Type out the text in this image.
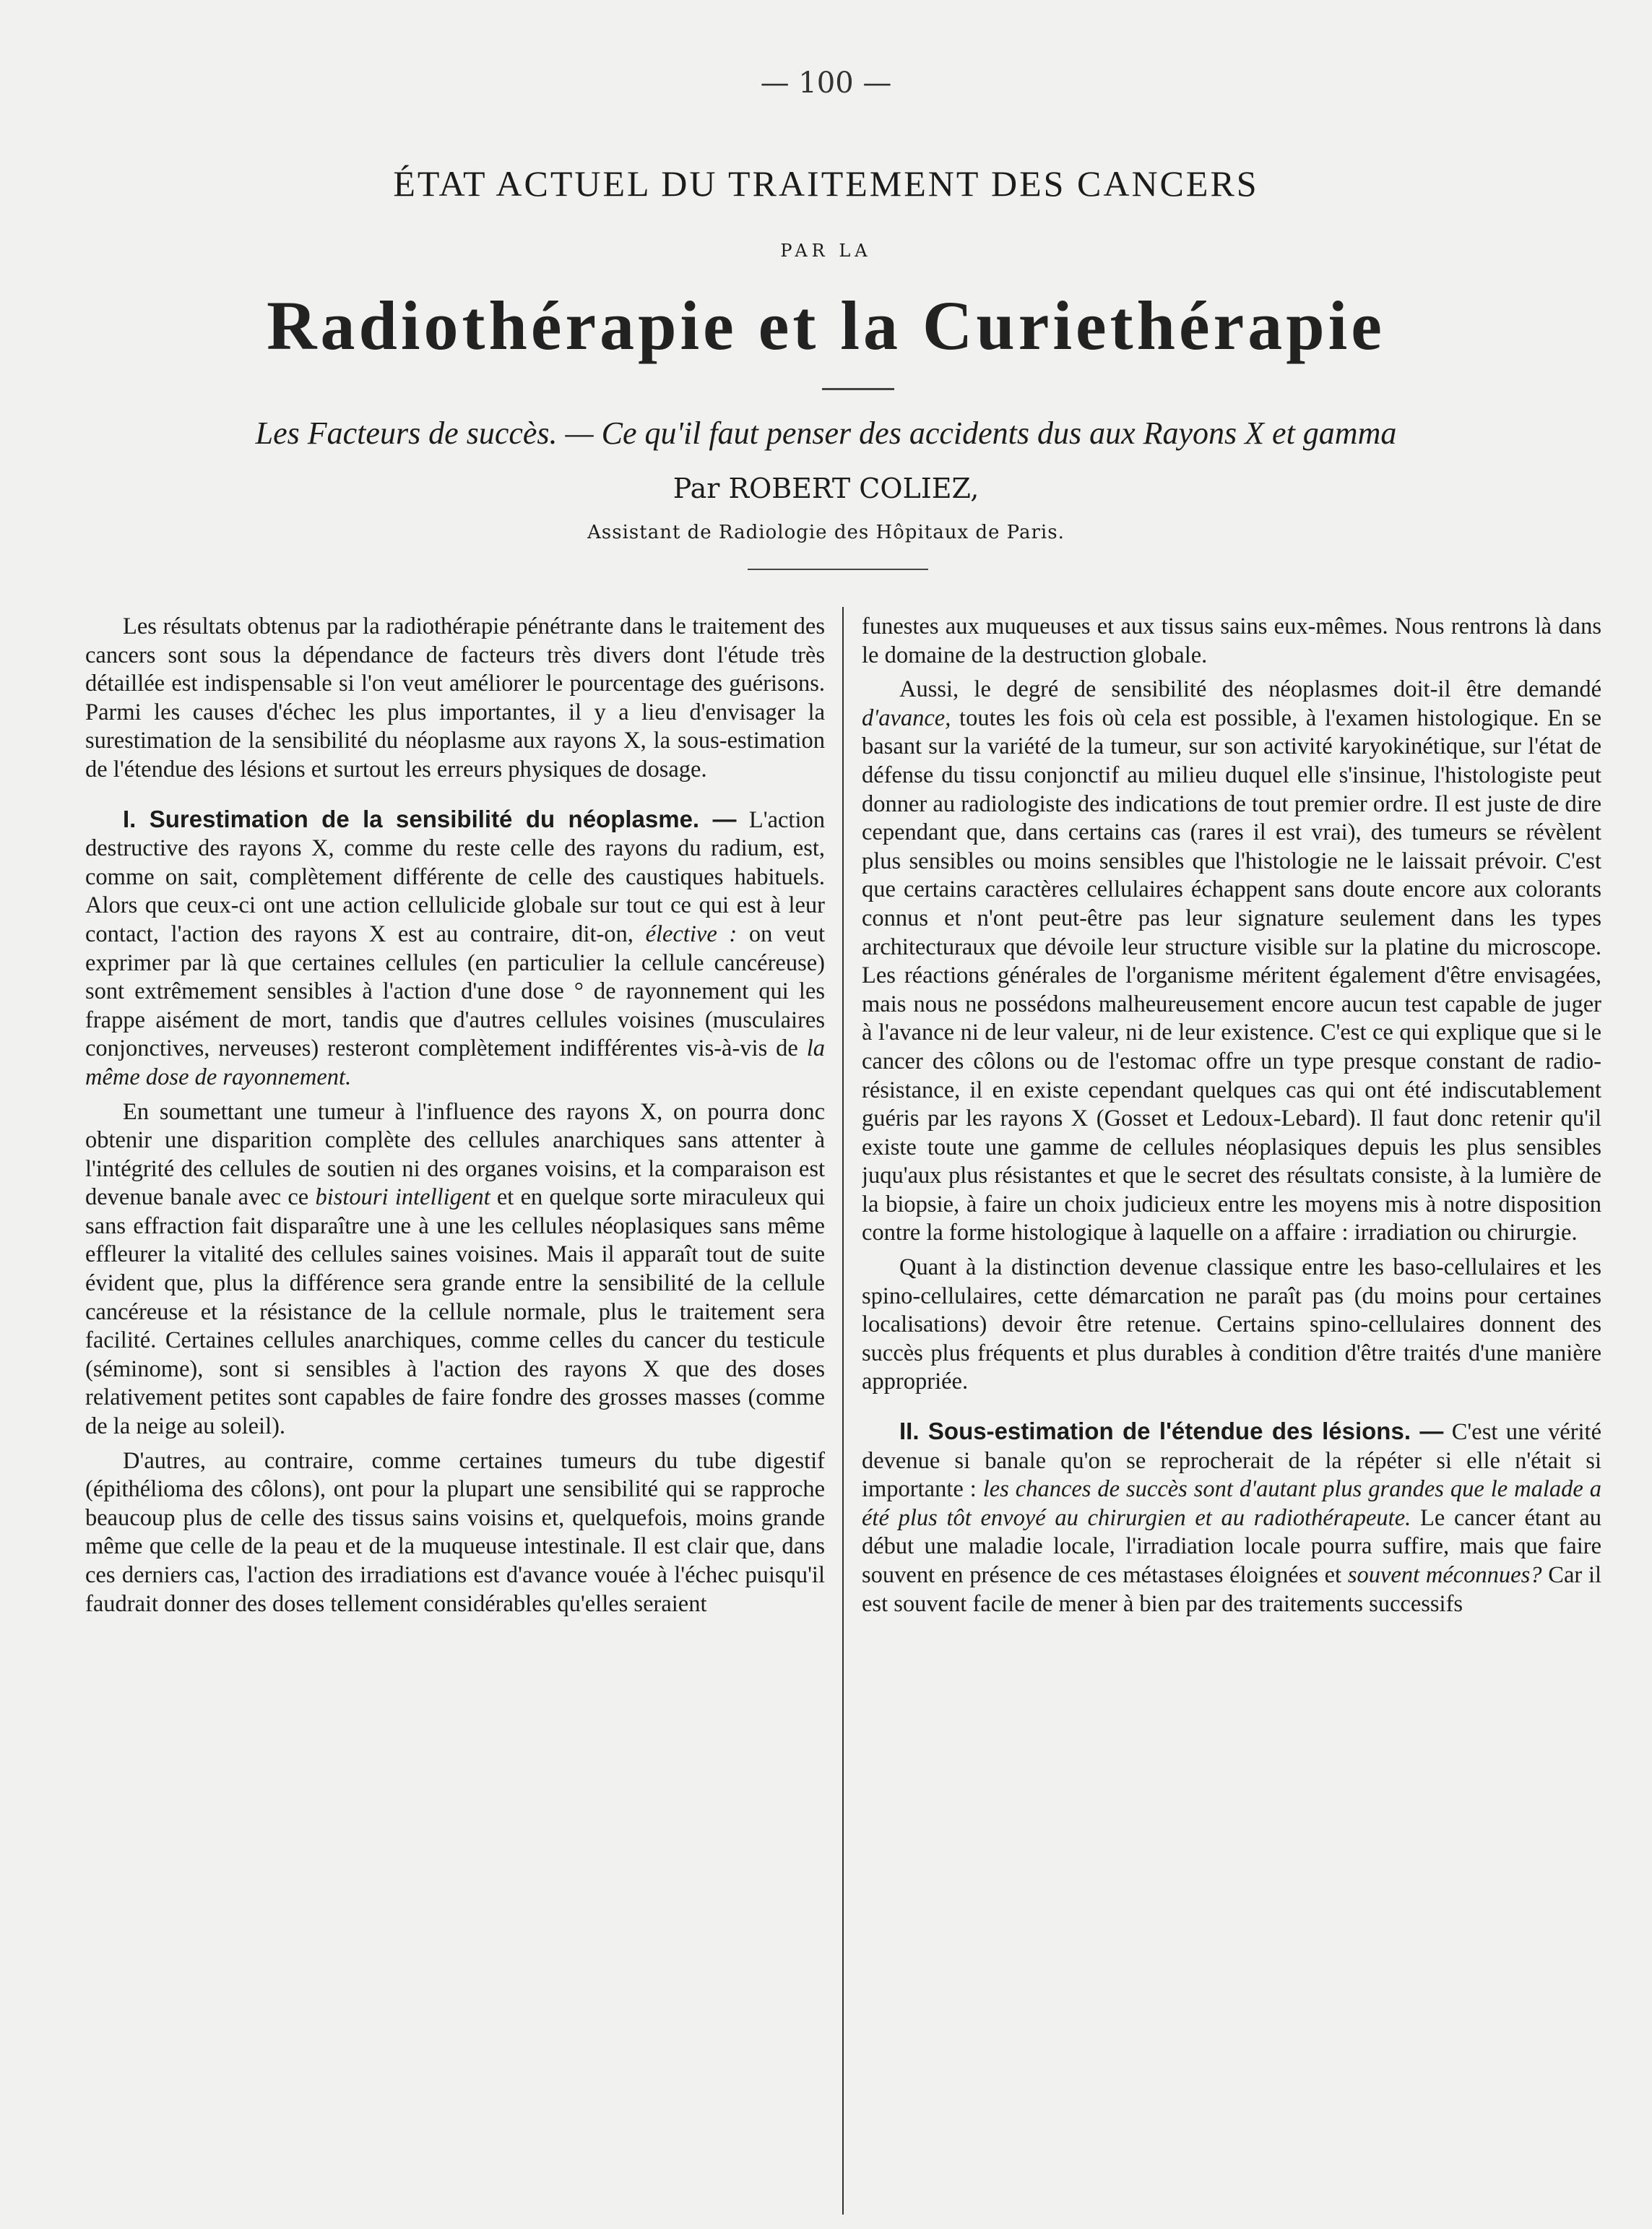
— 100 —
ÉTAT ACTUEL DU TRAITEMENT DES CANCERS
PAR LA
Radiothérapie et la Curiethérapie
Les Facteurs de succès. — Ce qu'il faut penser des accidents dus aux Rayons X et gamma
Par ROBERT COLIEZ,
Assistant de Radiologie des Hôpitaux de Paris.

Les résultats obtenus par la radiothérapie pénétrante dans le traitement des cancers sont sous la dépendance de facteurs très divers dont l'étude très détaillée est indispensable si l'on veut améliorer le pourcentage des guérisons. Parmi les causes d'échec les plus importantes, il y a lieu d'envisager la surestimation de la sensibilité du néoplasme aux rayons X, la sous-estimation de l'étendue des lésions et surtout les erreurs physiques de dosage.

I. Surestimation de la sensibilité du néoplasme. — L'action destructive des rayons X, comme du reste celle des rayons du radium, est, comme on sait, complètement différente de celle des caustiques habituels. Alors que ceux-ci ont une action cellulicide globale sur tout ce qui est à leur contact, l'action des rayons X est au contraire, dit-on, élective : on veut exprimer par là que certaines cellules (en particulier la cellule cancéreuse) sont extrêmement sensibles à l'action d'une dose ° de rayonnement qui les frappe aisément de mort, tandis que d'autres cellules voisines (musculaires conjonctives, nerveuses) resteront complètement indifférentes vis-à-vis de la même dose de rayonnement.

En soumettant une tumeur à l'influence des rayons X, on pourra donc obtenir une disparition complète des cellules anarchiques sans attenter à l'intégrité des cellules de soutien ni des organes voisins, et la comparaison est devenue banale avec ce bistouri intelligent et en quelque sorte miraculeux qui sans effraction fait disparaître une à une les cellules néoplasiques sans même effleurer la vitalité des cellules saines voisines. Mais il apparaît tout de suite évident que, plus la différence sera grande entre la sensibilité de la cellule cancéreuse et la résistance de la cellule normale, plus le traitement sera facilité. Certaines cellules anarchiques, comme celles du cancer du testicule (séminome), sont si sensibles à l'action des rayons X que des doses relativement petites sont capables de faire fondre des grosses masses (comme de la neige au soleil).

D'autres, au contraire, comme certaines tumeurs du tube digestif (épithélioma des côlons), ont pour la plupart une sensibilité qui se rapproche beaucoup plus de celle des tissus sains voisins et, quelquefois, moins grande même que celle de la peau et de la muqueuse intestinale. Il est clair que, dans ces derniers cas, l'action des irradiations est d'avance vouée à l'échec puisqu'il faudrait donner des doses tellement considérables qu'elles seraient

funestes aux muqueuses et aux tissus sains eux-mêmes. Nous rentrons là dans le domaine de la destruction globale.

Aussi, le degré de sensibilité des néoplasmes doit-il être demandé d'avance, toutes les fois où cela est possible, à l'examen histologique. En se basant sur la variété de la tumeur, sur son activité karyokinétique, sur l'état de défense du tissu conjonctif au milieu duquel elle s'insinue, l'histologiste peut donner au radiologiste des indications de tout premier ordre. Il est juste de dire cependant que, dans certains cas (rares il est vrai), des tumeurs se révèlent plus sensibles ou moins sensibles que l'histologie ne le laissait prévoir. C'est que certains caractères cellulaires échappent sans doute encore aux colorants connus et n'ont peut-être pas leur signature seulement dans les types architecturaux que dévoile leur structure visible sur la platine du microscope. Les réactions générales de l'organisme méritent également d'être envisagées, mais nous ne possédons malheureusement encore aucun test capable de juger à l'avance ni de leur valeur, ni de leur existence. C'est ce qui explique que si le cancer des côlons ou de l'estomac offre un type presque constant de radio-résistance, il en existe cependant quelques cas qui ont été indiscutablement guéris par les rayons X (Gosset et Ledoux-Lebard). Il faut donc retenir qu'il existe toute une gamme de cellules néoplasiques depuis les plus sensibles juqu'aux plus résistantes et que le secret des résultats consiste, à la lumière de la biopsie, à faire un choix judicieux entre les moyens mis à notre disposition contre la forme histologique à laquelle on a affaire : irradiation ou chirurgie.

Quant à la distinction devenue classique entre les baso-cellulaires et les spino-cellulaires, cette démarcation ne paraît pas (du moins pour certaines localisations) devoir être retenue. Certains spino-cellulaires donnent des succès plus fréquents et plus durables à condition d'être traités d'une manière appropriée.

II. Sous-estimation de l'étendue des lésions. — C'est une vérité devenue si banale qu'on se reprocherait de la répéter si elle n'était si importante : les chances de succès sont d'autant plus grandes que le malade a été plus tôt envoyé au chirurgien et au radiothérapeute. Le cancer étant au début une maladie locale, l'irradiation locale pourra suffire, mais que faire souvent en présence de ces métastases éloignées et souvent méconnues? Car il est souvent facile de mener à bien par des traitements successifs
